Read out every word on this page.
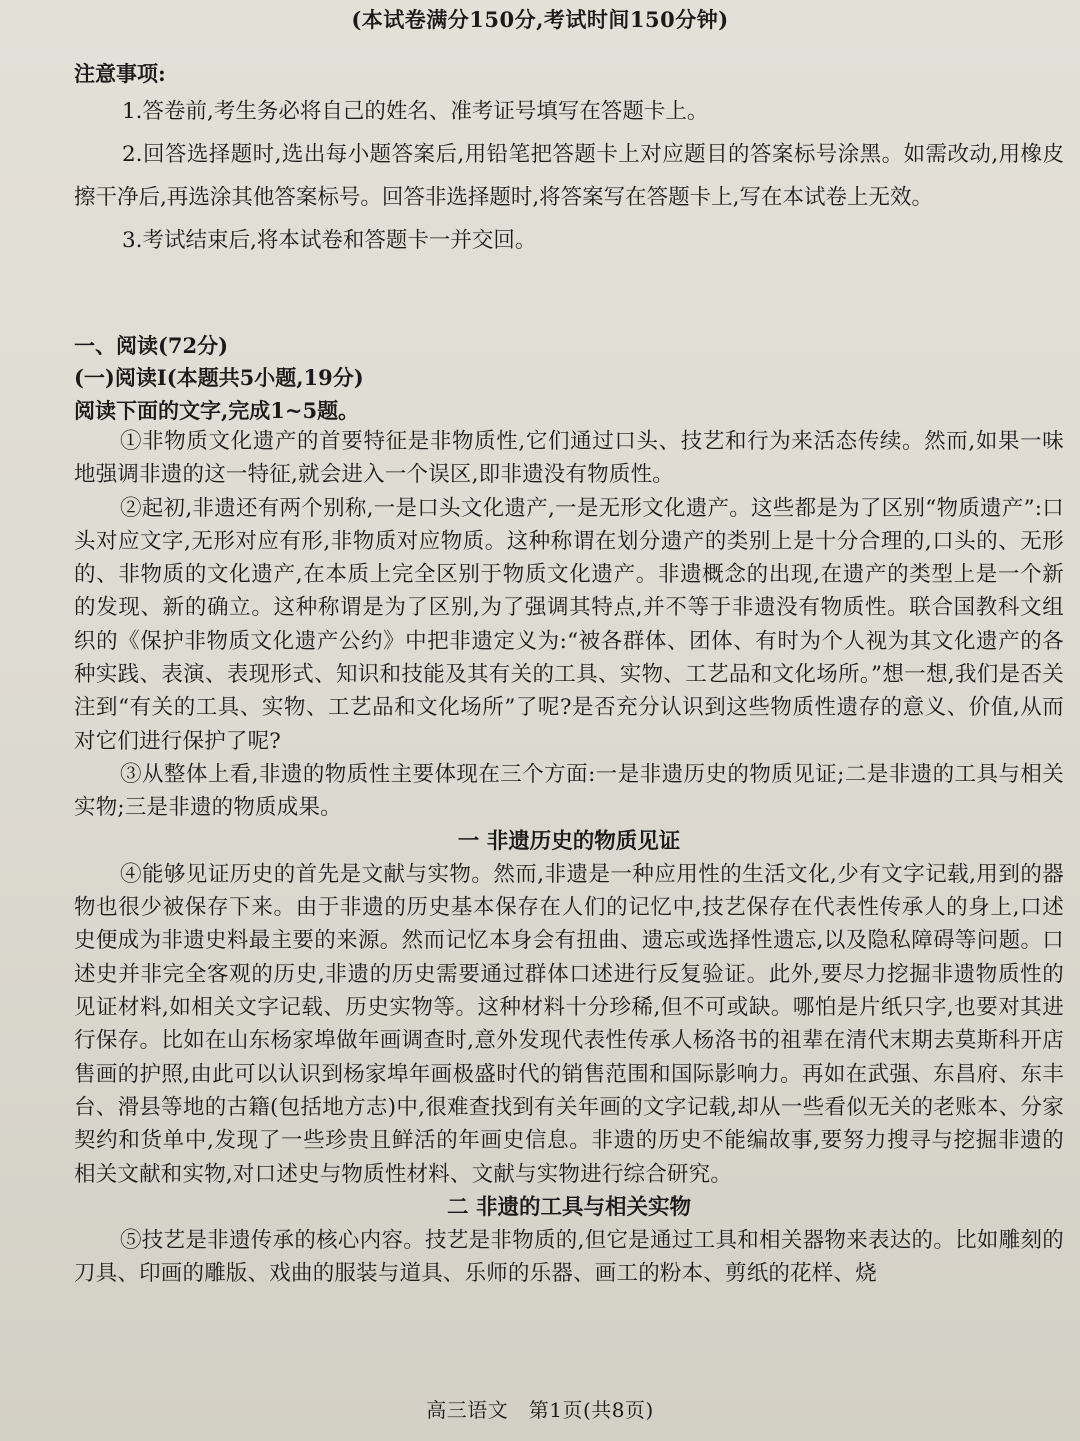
(本试卷满分150分,考试时间150分钟)
注意事项:
1.答卷前,考生务必将自己的姓名、准考证号填写在答题卡上。
2.回答选择题时,选出每小题答案后,用铅笔把答题卡上对应题目的答案标号涂黑。如需改动,用橡皮擦干净后,再选涂其他答案标号。回答非选择题时,将答案写在答题卡上,写在本试卷上无效。
3.考试结束后,将本试卷和答题卡一并交回。
一、阅读(72分)
(一)阅读Ⅰ(本题共5小题,19分)
阅读下面的文字,完成1~5题。

①非物质文化遗产的首要特征是非物质性,它们通过口头、技艺和行为来活态传续。然而,如果一味地强调非遗的这一特征,就会进入一个误区,即非遗没有物质性。

②起初,非遗还有两个别称,一是口头文化遗产,一是无形文化遗产。这些都是为了区别“物质遗产”:口头对应文字,无形对应有形,非物质对应物质。这种称谓在划分遗产的类别上是十分合理的,口头的、无形的、非物质的文化遗产,在本质上完全区别于物质文化遗产。非遗概念的出现,在遗产的类型上是一个新的发现、新的确立。这种称谓是为了区别,为了强调其特点,并不等于非遗没有物质性。联合国教科文组织的《保护非物质文化遗产公约》中把非遗定义为:“被各群体、团体、有时为个人视为其文化遗产的各种实践、表演、表现形式、知识和技能及其有关的工具、实物、工艺品和文化场所。”想一想,我们是否关注到“有关的工具、实物、工艺品和文化场所”了呢?是否充分认识到这些物质性遗存的意义、价值,从而对它们进行保护了呢?

③从整体上看,非遗的物质性主要体现在三个方面:一是非遗历史的物质见证;二是非遗的工具与相关实物;三是非遗的物质成果。

一 非遗历史的物质见证

④能够见证历史的首先是文献与实物。然而,非遗是一种应用性的生活文化,少有文字记载,用到的器物也很少被保存下来。由于非遗的历史基本保存在人们的记忆中,技艺保存在代表性传承人的身上,口述史便成为非遗史料最主要的来源。然而记忆本身会有扭曲、遗忘或选择性遗忘,以及隐私障碍等问题。口述史并非完全客观的历史,非遗的历史需要通过群体口述进行反复验证。此外,要尽力挖掘非遗物质性的见证材料,如相关文字记载、历史实物等。这种材料十分珍稀,但不可或缺。哪怕是片纸只字,也要对其进行保存。比如在山东杨家埠做年画调查时,意外发现代表性传承人杨洛书的祖辈在清代末期去莫斯科开店售画的护照,由此可以认识到杨家埠年画极盛时代的销售范围和国际影响力。再如在武强、东昌府、东丰台、滑县等地的古籍(包括地方志)中,很难查找到有关年画的文字记载,却从一些看似无关的老账本、分家契约和货单中,发现了一些珍贵且鲜活的年画史信息。非遗的历史不能编故事,要努力搜寻与挖掘非遗的相关文献和实物,对口述史与物质性材料、文献与实物进行综合研究。

二 非遗的工具与相关实物

⑤技艺是非遗传承的核心内容。技艺是非物质的,但它是通过工具和相关器物来表达的。比如雕刻的刀具、印画的雕版、戏曲的服装与道具、乐师的乐器、画工的粉本、剪纸的花样、烧

高三语文　第1页(共8页)
